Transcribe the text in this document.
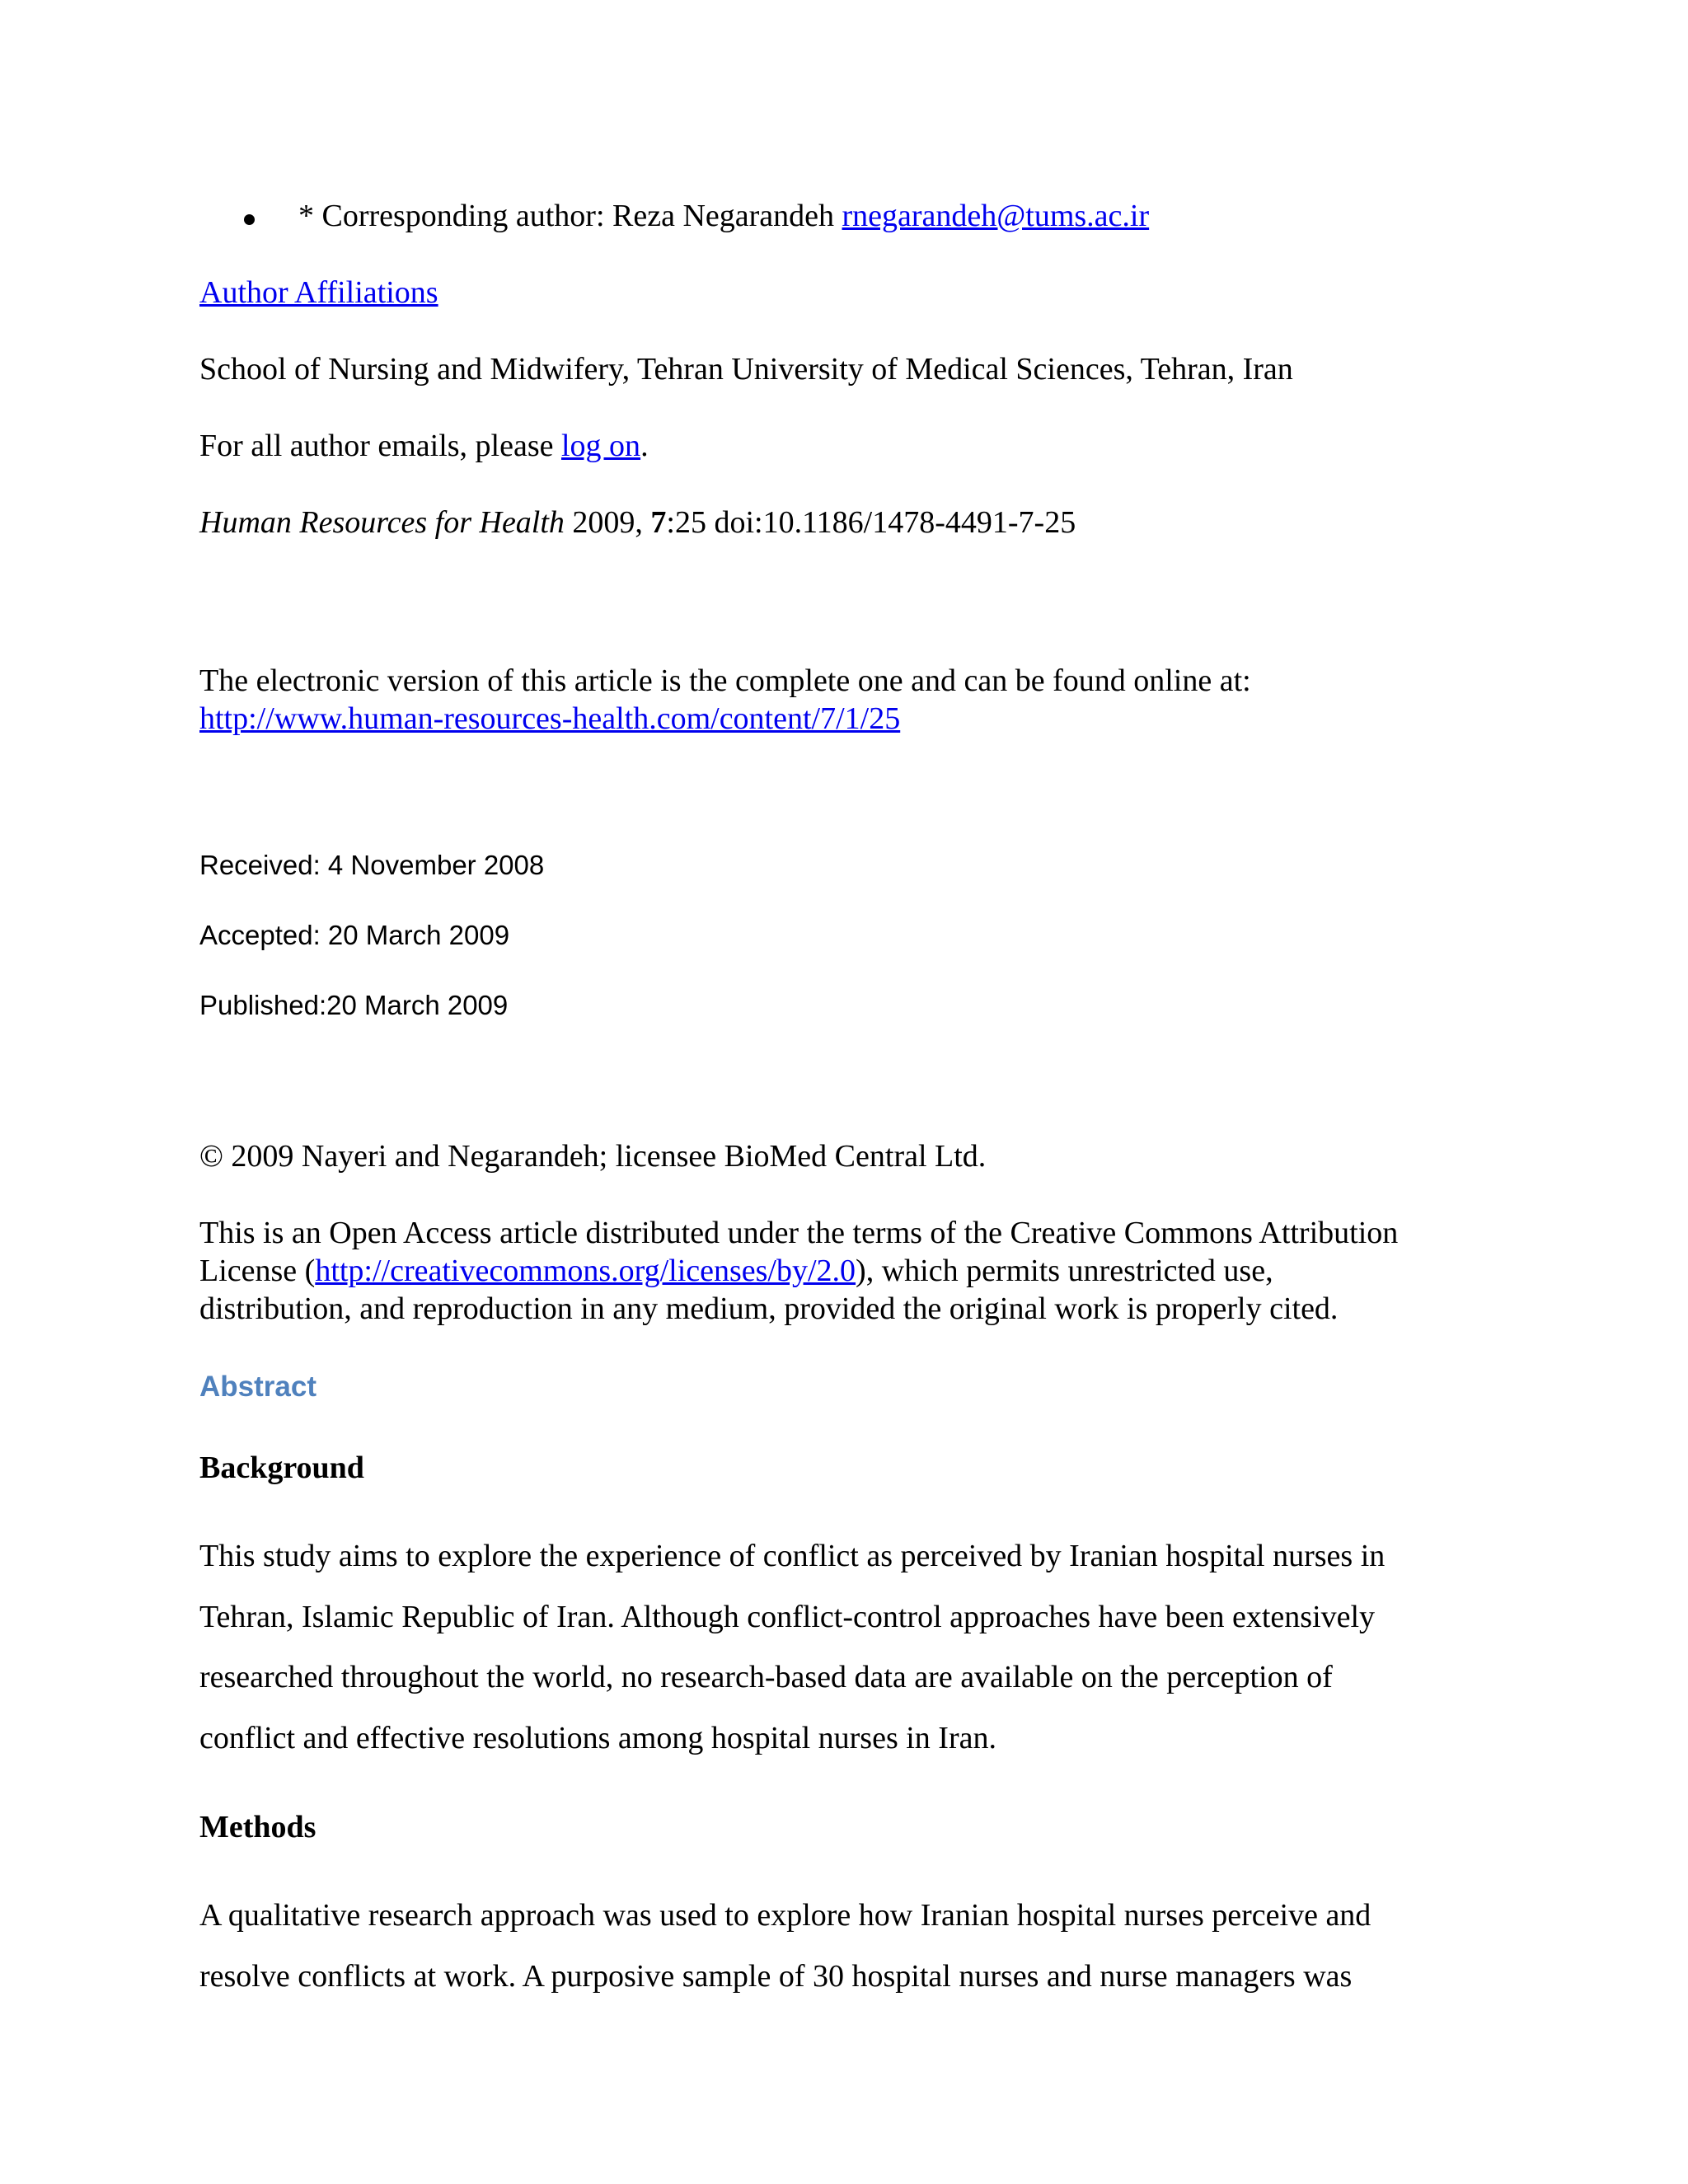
* Corresponding author: Reza Negarandeh rnegarandeh@tums.ac.ir
Author Affiliations
School of Nursing and Midwifery, Tehran University of Medical Sciences, Tehran, Iran
For all author emails, please log on.
Human Resources for Health 2009, 7:25 doi:10.1186/1478-4491-7-25
The electronic version of this article is the complete one and can be found online at:
http://www.human-resources-health.com/content/7/1/25
Received: 4 November 2008
Accepted: 20 March 2009
Published:20 March 2009
© 2009 Nayeri and Negarandeh; licensee BioMed Central Ltd.
This is an Open Access article distributed under the terms of the Creative Commons Attribution
License (http://creativecommons.org/licenses/by/2.0), which permits unrestricted use,
distribution, and reproduction in any medium, provided the original work is properly cited.
Abstract
Background
This study aims to explore the experience of conflict as perceived by Iranian hospital nurses in
Tehran, Islamic Republic of Iran. Although conflict-control approaches have been extensively
researched throughout the world, no research-based data are available on the perception of
conflict and effective resolutions among hospital nurses in Iran.
Methods
A qualitative research approach was used to explore how Iranian hospital nurses perceive and
resolve conflicts at work. A purposive sample of 30 hospital nurses and nurse managers was
